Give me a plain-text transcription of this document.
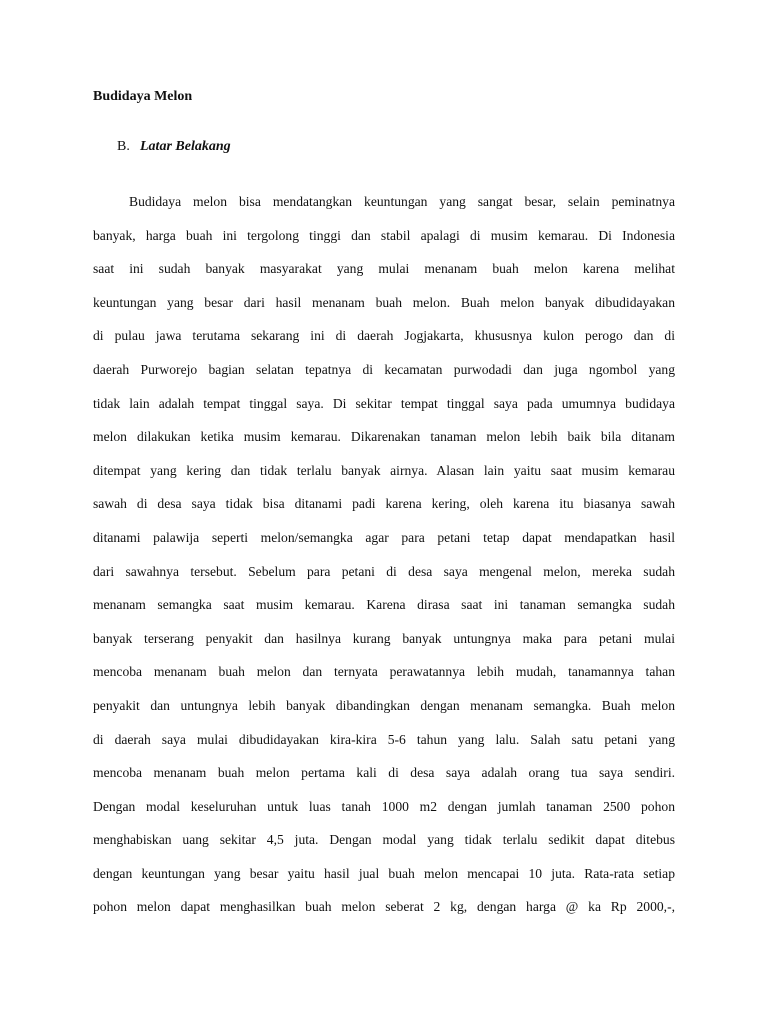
Budidaya Melon
B. Latar Belakang
Budidaya melon bisa mendatangkan keuntungan yang sangat besar, selain peminatnya
banyak, harga buah ini tergolong tinggi dan stabil apalagi di musim kemarau. Di Indonesia
saat ini sudah banyak masyarakat yang mulai menanam buah melon karena melihat
keuntungan yang besar dari hasil menanam buah melon. Buah melon banyak dibudidayakan
di pulau jawa terutama sekarang ini di daerah Jogjakarta, khususnya kulon perogo dan di
daerah Purworejo bagian selatan tepatnya di kecamatan purwodadi dan juga ngombol yang
tidak lain adalah tempat tinggal saya. Di sekitar tempat tinggal saya pada umumnya budidaya
melon dilakukan ketika musim kemarau. Dikarenakan tanaman melon lebih baik bila ditanam
ditempat yang kering dan tidak terlalu banyak airnya. Alasan lain yaitu saat musim kemarau
sawah di desa saya tidak bisa ditanami padi karena kering, oleh karena itu biasanya sawah
ditanami palawija seperti melon/semangka agar para petani tetap dapat mendapatkan hasil
dari sawahnya tersebut. Sebelum para petani di desa saya mengenal melon, mereka sudah
menanam semangka saat musim kemarau. Karena dirasa saat ini tanaman semangka sudah
banyak terserang penyakit dan hasilnya kurang banyak untungnya maka para petani mulai
mencoba menanam buah melon dan ternyata perawatannya lebih mudah, tanamannya tahan
penyakit dan untungnya lebih banyak dibandingkan dengan menanam semangka. Buah melon
di daerah saya mulai dibudidayakan kira-kira 5-6 tahun yang lalu. Salah satu petani yang
mencoba menanam buah melon pertama kali di desa saya adalah orang tua saya sendiri.
Dengan modal keseluruhan untuk luas tanah 1000 m2 dengan jumlah tanaman 2500 pohon
menghabiskan uang sekitar 4,5 juta. Dengan modal yang tidak terlalu sedikit dapat ditebus
dengan keuntungan yang besar yaitu hasil jual buah melon mencapai 10 juta. Rata-rata setiap
pohon melon dapat menghasilkan buah melon seberat 2 kg, dengan harga @ ka Rp 2000,-,
